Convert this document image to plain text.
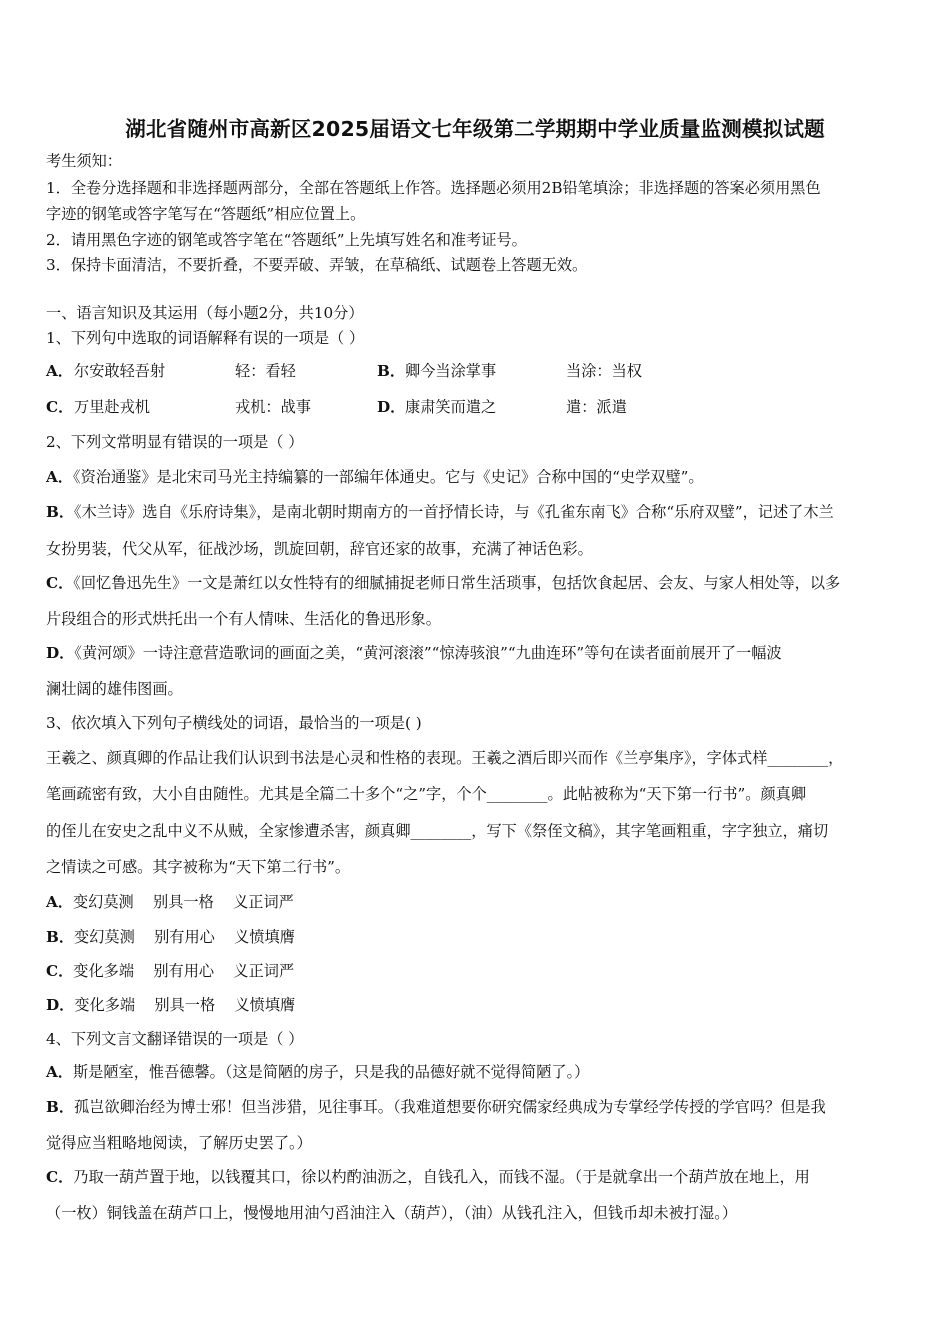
湖北省随州市高新区2025届语文七年级第二学期期中学业质量监测模拟试题
考生须知：
1．全卷分选择题和非选择题两部分，全部在答题纸上作答。选择题必须用2B铅笔填涂；非选择题的答案必须用黑色
字迹的钢笔或答字笔写在“答题纸”相应位置上。
2．请用黑色字迹的钢笔或答字笔在“答题纸”上先填写姓名和准考证号。
3．保持卡面清洁，不要折叠，不要弄破、弄皱，在草稿纸、试题卷上答题无效。
一、语言知识及其运用（每小题2分，共10分）
1、下列句中选取的词语解释有误的一项是（ ）
A． 尔安敢轻吾射	轻：看轻	B． 卿今当涂掌事	当涂：当权
C． 万里赴戎机	戎机：战事	D． 康肃笑而遣之	遣：派遣
2、下列文常明显有错误的一项是（ ）
A．《资治通鉴》是北宋司马光主持编纂的一部编年体通史。它与《史记》合称中国的“史学双璧”。
B．《木兰诗》选自《乐府诗集》，是南北朝时期南方的一首抒情长诗，与《孔雀东南飞》合称“乐府双璧”，记述了木兰
女扮男装，代父从军，征战沙场，凯旋回朝，辞官还家的故事，充满了神话色彩。
C．《回忆鲁迅先生》一文是萧红以女性特有的细腻捕捉老师日常生活琐事，包括饮食起居、会友、与家人相处等，以多
片段组合的形式烘托出一个有人情味、生活化的鲁迅形象。
D．《黄河颂》一诗注意营造歌词的画面之美，“黄河滚滚”“惊涛骇浪”“九曲连环”等句在读者面前展开了一幅波
澜壮阔的雄伟图画。
3、依次填入下列句子横线处的词语，最恰当的一项是( )
王羲之、颜真卿的作品让我们认识到书法是心灵和性格的表现。王羲之酒后即兴而作《兰亭集序》，字体式样________，
笔画疏密有致，大小自由随性。尤其是全篇二十多个“之”字，个个________。此帖被称为“天下第一行书”。颜真卿
的侄儿在安史之乱中义不从贼，全家惨遭杀害，颜真卿________，写下《祭侄文稿》，其字笔画粗重，字字独立，痛切
之情读之可感。其字被称为“天下第二行书”。
A．变幻莫测    别具一格    义正词严
B．变幻莫测    别有用心    义愤填膺
C．变化多端    别有用心    义正词严
D．变化多端    别具一格    义愤填膺
4、下列文言文翻译错误的一项是（ ）
A．斯是陋室，惟吾德馨。（这是简陋的房子，只是我的品德好就不觉得简陋了。）
B．孤岂欲卿治经为博士邪！但当涉猎，见往事耳。（我难道想要你研究儒家经典成为专掌经学传授的学官吗？但是我
觉得应当粗略地阅读，了解历史罢了。）
C．乃取一葫芦置于地，以钱覆其口，徐以杓酌油沥之，自钱孔入，而钱不湿。（于是就拿出一个葫芦放在地上，用
（一枚）铜钱盖在葫芦口上，慢慢地用油勺舀油注入（葫芦），（油）从钱孔注入，但钱币却未被打湿。）
